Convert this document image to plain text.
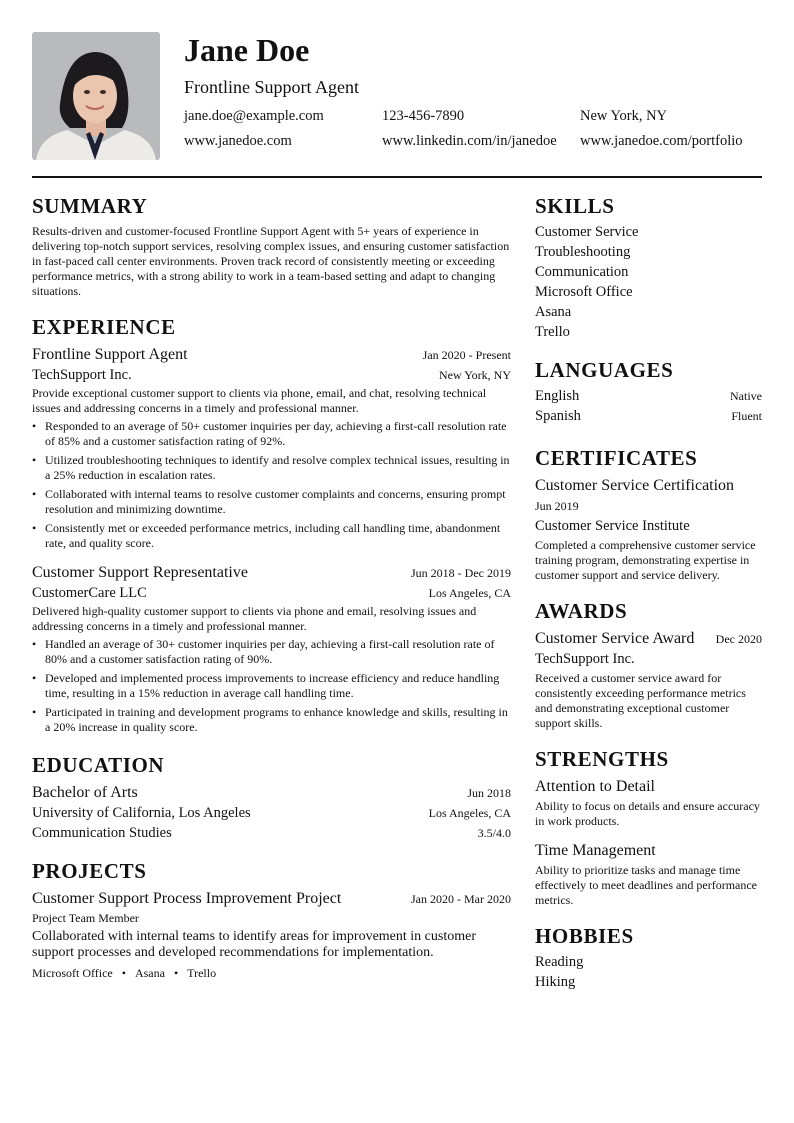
Jane Doe
Frontline Support Agent
jane.doe@example.com	123-456-7890	New York, NY
www.janedoe.com	www.linkedin.com/in/janedoe	www.janedoe.com/portfolio
SUMMARY

Results-driven and customer-focused Frontline Support Agent with 5+ years of experience in delivering top-notch support services, resolving complex issues, and ensuring customer satisfaction in fast-paced call center environments. Proven track record of consistently meeting or exceeding performance metrics, with a strong ability to work in a team-based setting and adapt to changing situations.

EXPERIENCE
Frontline Support Agent	Jan 2020 - Present
TechSupport Inc.	New York, NY

Provide exceptional customer support to clients via phone, email, and chat, resolving technical issues and addressing concerns in a timely and professional manner.

• Responded to an average of 50+ customer inquiries per day, achieving a first-call resolution rate of 85% and a customer satisfaction rating of 92%.
• Utilized troubleshooting techniques to identify and resolve complex technical issues, resulting in a 25% reduction in escalation rates.
• Collaborated with internal teams to resolve customer complaints and concerns, ensuring prompt resolution and minimizing downtime.
• Consistently met or exceeded performance metrics, including call handling time, abandonment rate, and quality score.
Customer Support Representative	Jun 2018 - Dec 2019
CustomerCare LLC	Los Angeles, CA

Delivered high-quality customer support to clients via phone and email, resolving issues and addressing concerns in a timely and professional manner.

• Handled an average of 30+ customer inquiries per day, achieving a first-call resolution rate of 80% and a customer satisfaction rating of 90%.
• Developed and implemented process improvements to increase efficiency and reduce handling time, resulting in a 15% reduction in average call handling time.
• Participated in training and development programs to enhance knowledge and skills, resulting in a 20% increase in quality score.
EDUCATION
Bachelor of Arts	Jun 2018
University of California, Los Angeles	Los Angeles, CA
Communication Studies	3.5/4.0
PROJECTS
Customer Support Process Improvement Project	Jan 2020 - Mar 2020
Project Team Member

Collaborated with internal teams to identify areas for improvement in customer support processes and developed recommendations for implementation.

Microsoft Office • Asana • Trello
SKILLS
Customer Service
Troubleshooting
Communication
Microsoft Office
Asana
Trello
LANGUAGES
English	Native
Spanish	Fluent
CERTIFICATES
Customer Service Certification
Jun 2019
Customer Service Institute

Completed a comprehensive customer service training program, demonstrating expertise in customer support and service delivery.

AWARDS
Customer Service Award Dec 2020
TechSupport Inc.

Received a customer service award for consistently exceeding performance metrics and demonstrating exceptional customer support skills.

STRENGTHS
Attention to Detail

Ability to focus on details and ensure accuracy in work products.

Time Management

Ability to prioritize tasks and manage time effectively to meet deadlines and performance metrics.

HOBBIES
Reading
Hiking
